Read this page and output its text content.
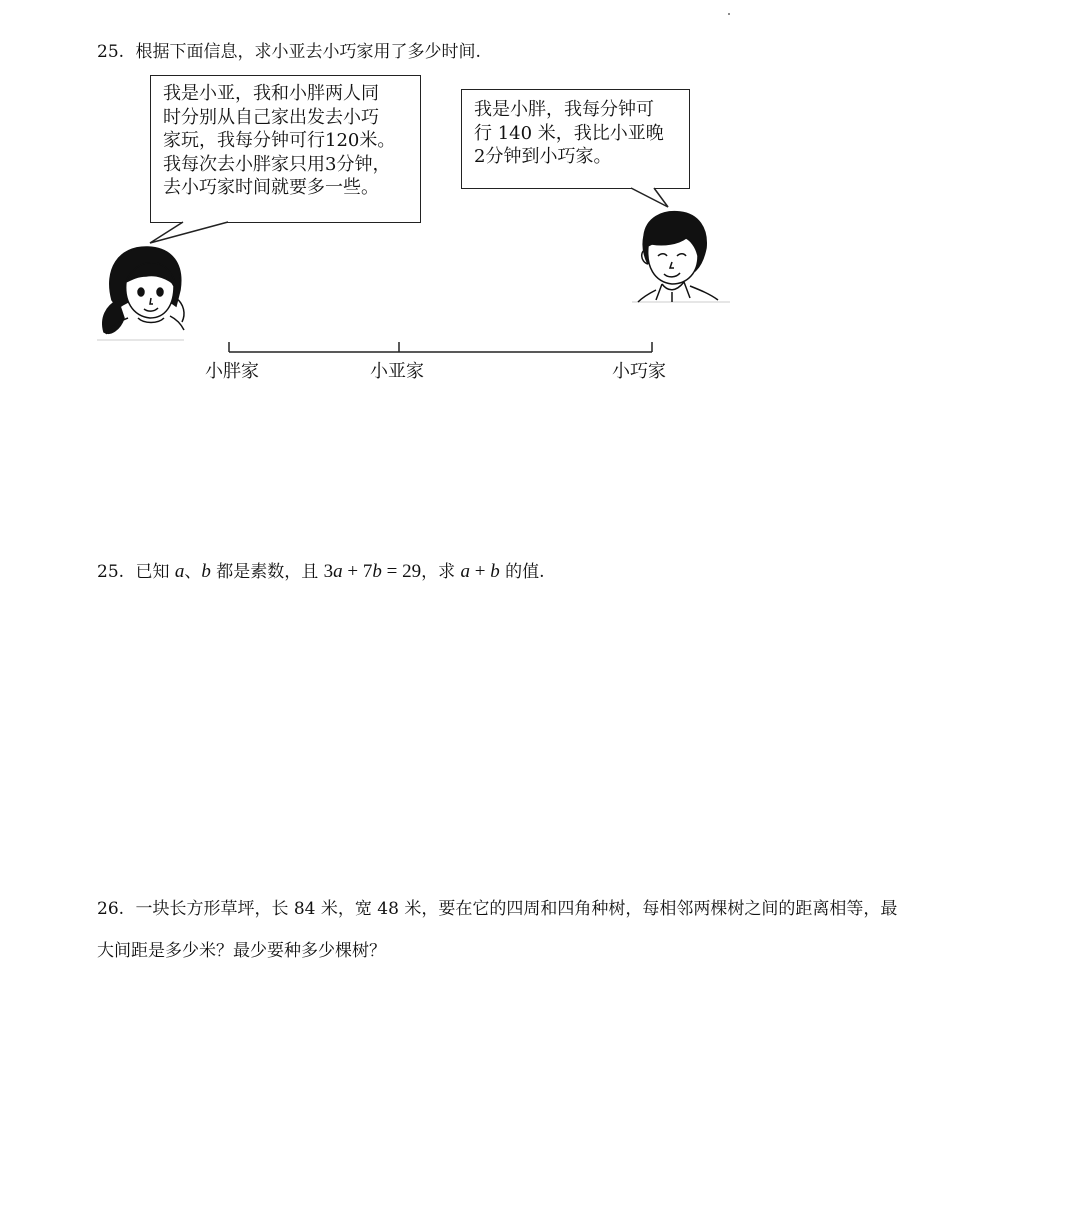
25. 根据下面信息，求小亚去小巧家用了多少时间.
我是小亚，我和小胖两人同
时分别从自己家出发去小巧
家玩，我每分钟可行120米。
我每次去小胖家只用3分钟，
去小巧家时间就要多一些。
我是小胖，我每分钟可
行 140 米，我比小亚晚
2分钟到小巧家。
小胖家	小亚家	小巧家
25. 已知 a、b 都是素数，且 3a + 7b = 29，求 a + b 的值.
26. 一块长方形草坪，长 84 米，宽 48 米，要在它的四周和四角种树，每相邻两棵树之间的距离相等，最
大间距是多少米？最少要种多少棵树？
